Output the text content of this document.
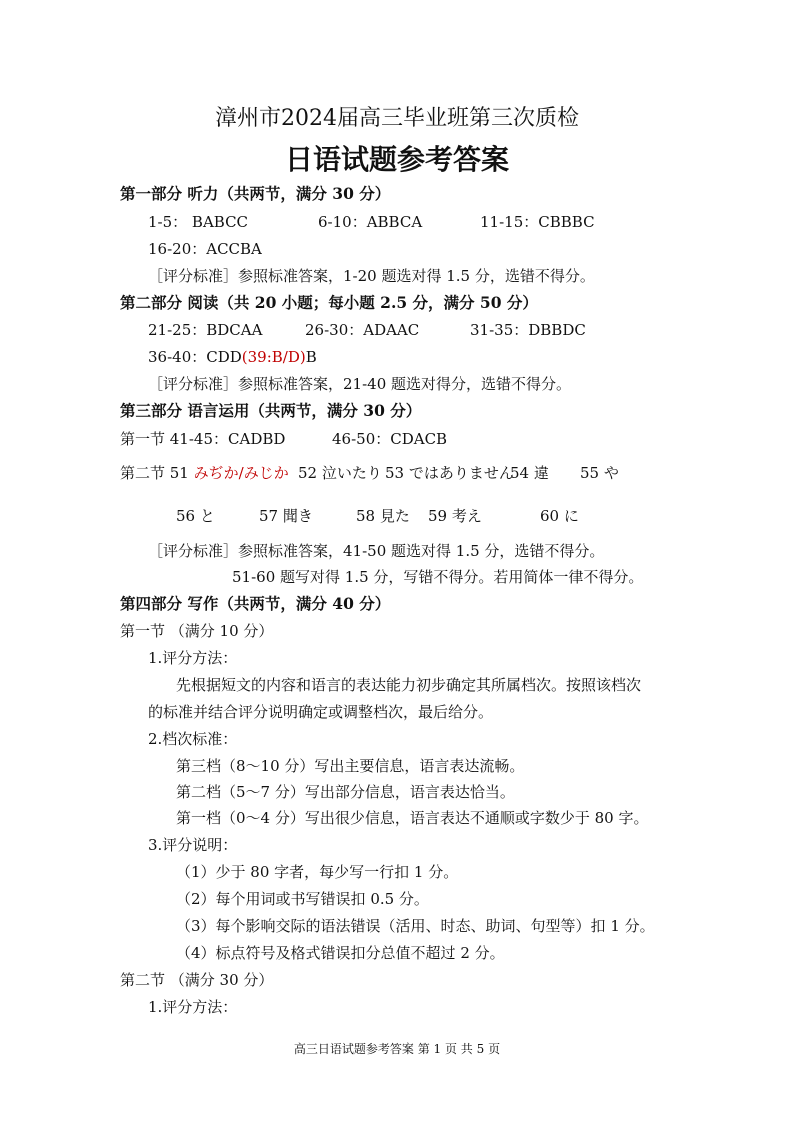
漳州市2024届高三毕业班第三次质检
日语试题参考答案
第一部分 听力（共两节，满分 30 分）
1-5： BABCC	6-10：ABBCA	11-15：CBBBC
16-20：ACCBA
［评分标准］参照标准答案，1-20 题选对得 1.5 分，选错不得分。
第二部分 阅读（共 20 小题；每小题 2.5 分，满分 50 分）
21-25：BDCAA	26-30：ADAAC	31-35：DBBDC
36-40：CDD(39:B/D)B
［评分标准］参照标准答案，21-40 题选对得分，选错不得分。
第三部分 语言运用（共两节，满分 30 分）
第一节 41-45：CADBD	46-50：CDACB
第二节 51 みぢか/みじか 52 泣いたり 53 ではありません
54 違 55 や
56 と	57 聞き	58 見た 59 考え	60 に
［评分标准］参照标准答案，41-50 题选对得 1.5 分，选错不得分。
51-60 题写对得 1.5 分，写错不得分。若用简体一律不得分。
第四部分 写作（共两节，满分 40 分）
第一节 （满分 10 分）
1.评分方法：
先根据短文的内容和语言的表达能力初步确定其所属档次。按照该档次
的标准并结合评分说明确定或调整档次，最后给分。
2.档次标准：
第三档（8～10 分）写出主要信息，语言表达流畅。
第二档（5～7 分）写出部分信息，语言表达恰当。
第一档（0～4 分）写出很少信息，语言表达不通顺或字数少于 80 字。
3.评分说明：
（1）少于 80 字者，每少写一行扣 1 分。
（2）每个用词或书写错误扣 0.5 分。
（3）每个影响交际的语法错误（活用、时态、助词、句型等）扣 1 分。
（4）标点符号及格式错误扣分总值不超过 2 分。
第二节 （满分 30 分）
1.评分方法：
高三日语试题参考答案 第 1 页 共 5 页
